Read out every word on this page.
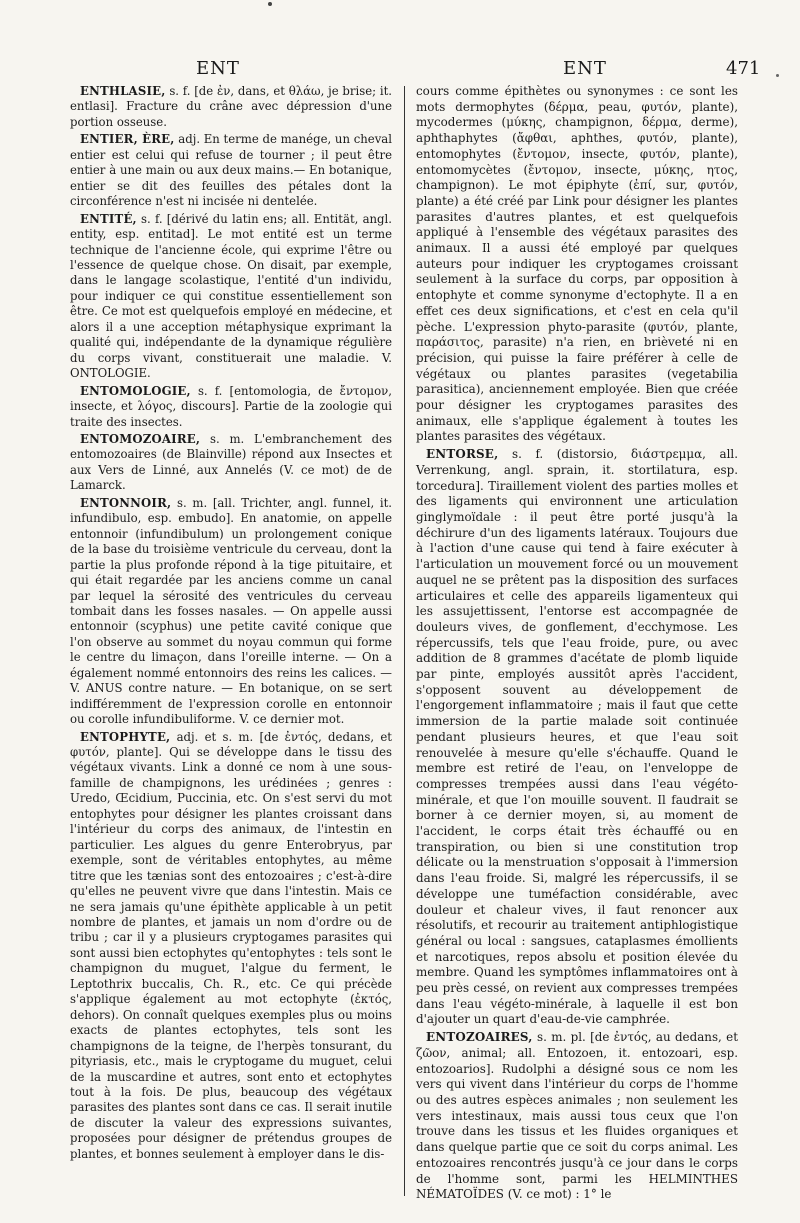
ENT	ENT	471

ENTHLASIE, s. f. [de ἐν, dans, et θλάω, je brise; it. entlasi]. Fracture du crâne avec dépression d'une portion osseuse.

ENTIER, ÈRE, adj. En terme de manége, un cheval entier est celui qui refuse de tourner ; il peut être entier à une main ou aux deux mains.— En botanique, entier se dit des feuilles des pétales dont la circonférence n'est ni incisée ni dentelée.

ENTITÉ, s. f. [dérivé du latin ens; all. Entität, angl. entity, esp. entitad]. Le mot entité est un terme technique de l'ancienne école, qui exprime l'être ou l'essence de quelque chose. On disait, par exemple, dans le langage scolastique, l'entité d'un individu, pour indiquer ce qui constitue essentiellement son être. Ce mot est quelquefois employé en médecine, et alors il a une acception métaphysique exprimant la qualité qui, indépendante de la dynamique régulière du corps vivant, constituerait une maladie. V. ONTOLOGIE.

ENTOMOLOGIE, s. f. [entomologia, de ἔντομον, insecte, et λόγος, discours]. Partie de la zoologie qui traite des insectes.

ENTOMOZOAIRE, s. m. L'embranchement des entomozoaires (de Blainville) répond aux Insectes et aux Vers de Linné, aux Annelés (V. ce mot) de de Lamarck.

ENTONNOIR, s. m. [all. Trichter, angl. funnel, it. infundibulo, esp. embudo]. En anatomie, on appelle entonnoir (infundibulum) un prolongement conique de la base du troisième ventricule du cerveau, dont la partie la plus profonde répond à la tige pituitaire, et qui était regardée par les anciens comme un canal par lequel la sérosité des ventricules du cerveau tombait dans les fosses nasales. — On appelle aussi entonnoir (scyphus) une petite cavité conique que l'on observe au sommet du noyau commun qui forme le centre du limaçon, dans l'oreille interne. — On a également nommé entonnoirs des reins les calices. — V. ANUS contre nature. — En botanique, on se sert indifféremment de l'expression corolle en entonnoir ou corolle infundibuliforme. V. ce dernier mot.

ENTOPHYTE, adj. et s. m. [de ἐντός, dedans, et φυτόν, plante]. Qui se développe dans le tissu des végétaux vivants. Link a donné ce nom à une sous-famille de champignons, les urédinées ; genres : Uredo, Œcidium, Puccinia, etc. On s'est servi du mot entophytes pour désigner les plantes croissant dans l'intérieur du corps des animaux, de l'intestin en particulier. Les algues du genre Enterobryus, par exemple, sont de véritables entophytes, au même titre que les tænias sont des entozoaires ; c'est-à-dire qu'elles ne peuvent vivre que dans l'intestin. Mais ce ne sera jamais qu'une épithète applicable à un petit nombre de plantes, et jamais un nom d'ordre ou de tribu ; car il y a plusieurs cryptogames parasites qui sont aussi bien ectophytes qu'entophytes : tels sont le champignon du muguet, l'algue du ferment, le Leptothrix buccalis, Ch. R., etc. Ce qui précède s'applique également au mot ectophyte (ἐκτός, dehors). On connaît quelques exemples plus ou moins exacts de plantes ectophytes, tels sont les champignons de la teigne, de l'herpès tonsurant, du pityriasis, etc., mais le cryptogame du muguet, celui de la muscardine et autres, sont ento et ectophytes tout à la fois. De plus, beaucoup des végétaux parasites des plantes sont dans ce cas. Il serait inutile de discuter la valeur des expressions suivantes, proposées pour désigner de prétendus groupes de plantes, et bonnes seulement à employer dans le dis-

cours comme épithètes ou synonymes : ce sont les mots dermophytes (δέρμα, peau, φυτόν, plante), mycodermes (μύκης, champignon, δέρμα, derme), aphthaphytes (ἄφθαι, aphthes, φυτόν, plante), entomophytes (ἔντομον, insecte, φυτόν, plante), entomomycètes (ἔντομον, insecte, μύκης, ητος, champignon). Le mot épiphyte (ἐπί, sur, φυτόν, plante) a été créé par Link pour désigner les plantes parasites d'autres plantes, et est quelquefois appliqué à l'ensemble des végétaux parasites des animaux. Il a aussi été employé par quelques auteurs pour indiquer les cryptogames croissant seulement à la surface du corps, par opposition à entophyte et comme synonyme d'ectophyte. Il a en effet ces deux significations, et c'est en cela qu'il pèche. L'expression phyto-parasite (φυτόν, plante, παράσιτος, parasite) n'a rien, en brièveté ni en précision, qui puisse la faire préférer à celle de végétaux ou plantes parasites (vegetabilia parasitica), anciennement employée. Bien que créée pour désigner les cryptogames parasites des animaux, elle s'applique également à toutes les plantes parasites des végétaux.

ENTORSE, s. f. (distorsio, διάστρεμμα, all. Verrenkung, angl. sprain, it. stortilatura, esp. torcedura]. Tiraillement violent des parties molles et des ligaments qui environnent une articulation ginglymoïdale : il peut être porté jusqu'à la déchirure d'un des ligaments latéraux. Toujours due à l'action d'une cause qui tend à faire exécuter à l'articulation un mouvement forcé ou un mouvement auquel ne se prêtent pas la disposition des surfaces articulaires et celle des appareils ligamenteux qui les assujettissent, l'entorse est accompagnée de douleurs vives, de gonflement, d'ecchymose. Les répercussifs, tels que l'eau froide, pure, ou avec addition de 8 grammes d'acétate de plomb liquide par pinte, employés aussitôt après l'accident, s'opposent souvent au développement de l'engorgement inflammatoire ; mais il faut que cette immersion de la partie malade soit continuée pendant plusieurs heures, et que l'eau soit renouvelée à mesure qu'elle s'échauffe. Quand le membre est retiré de l'eau, on l'enveloppe de compresses trempées aussi dans l'eau végéto-minérale, et que l'on mouille souvent. Il faudrait se borner à ce dernier moyen, si, au moment de l'accident, le corps était très échauffé ou en transpiration, ou bien si une constitution trop délicate ou la menstruation s'opposait à l'immersion dans l'eau froide. Si, malgré les répercussifs, il se développe une tuméfaction considérable, avec douleur et chaleur vives, il faut renoncer aux résolutifs, et recourir au traitement antiphlogistique général ou local : sangsues, cataplasmes émollients et narcotiques, repos absolu et position élevée du membre. Quand les symptômes inflammatoires ont à peu près cessé, on revient aux compresses trempées dans l'eau végéto-minérale, à laquelle il est bon d'ajouter un quart d'eau-de-vie camphrée.

ENTOZOAIRES, s. m. pl. [de ἐντός, au dedans, et ζῶον, animal; all. Entozoen, it. entozoari, esp. entozoarios]. Rudolphi a désigné sous ce nom les vers qui vivent dans l'intérieur du corps de l'homme ou des autres espèces animales ; non seulement les vers intestinaux, mais aussi tous ceux que l'on trouve dans les tissus et les fluides organiques et dans quelque partie que ce soit du corps animal. Les entozoaires rencontrés jusqu'à ce jour dans le corps de l'homme sont, parmi les HELMINTHES NÉMATOÏDES (V. ce mot) : 1° le
